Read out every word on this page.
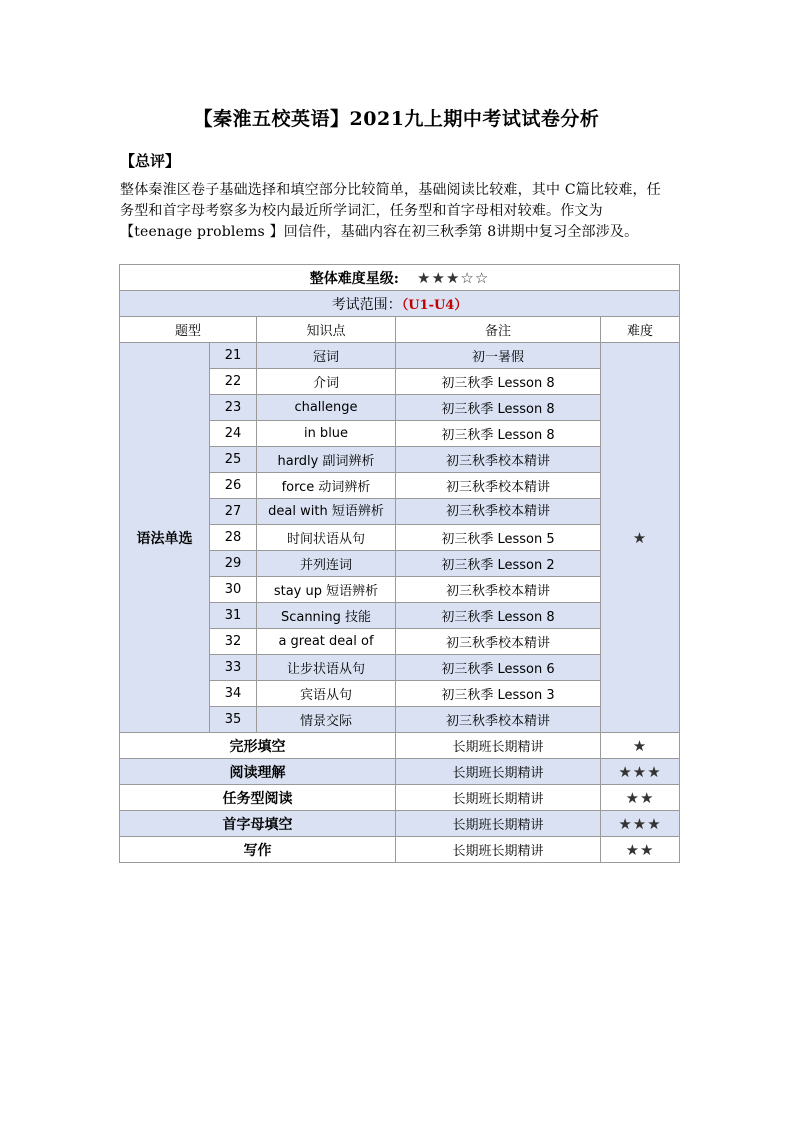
【秦淮五校英语】2021九上期中考试试卷分析
【总评】
整体秦淮区卷子基础选择和填空部分比较简单，基础阅读比较难，其中 C篇比较难，任务型和首字母考察多为校内最近所学词汇，任务型和首字母相对较难。作文为【teenage problems 】回信件，基础内容在初三秋季第 8讲期中复习全部涉及。
整体难度星级: ★★★☆☆				
考试范围：（U1-U4）				
题型		知识点	备注	难度
语法单选	21	冠词	初一暑假	★
	22	介词	初三秋季 Lesson 8	
	23	challenge	初三秋季 Lesson 8	
	24	in blue	初三秋季 Lesson 8	
	25	hardly 副词辨析	初三秋季校本精讲	
	26	force 动词辨析	初三秋季校本精讲	
	27	deal with 短语辨析	初三秋季校本精讲	
	28	时间状语从句	初三秋季 Lesson 5	
	29	并列连词	初三秋季 Lesson 2	
	30	stay up 短语辨析	初三秋季校本精讲	
	31	Scanning 技能	初三秋季 Lesson 8	
	32	a great deal of	初三秋季校本精讲	
	33	让步状语从句	初三秋季 Lesson 6	
	34	宾语从句	初三秋季 Lesson 3	
	35	情景交际	初三秋季校本精讲	
完形填空			长期班长期精讲	★
阅读理解			长期班长期精讲	★★★
任务型阅读			长期班长期精讲	★★
首字母填空			长期班长期精讲	★★★
写作			长期班长期精讲	★★
